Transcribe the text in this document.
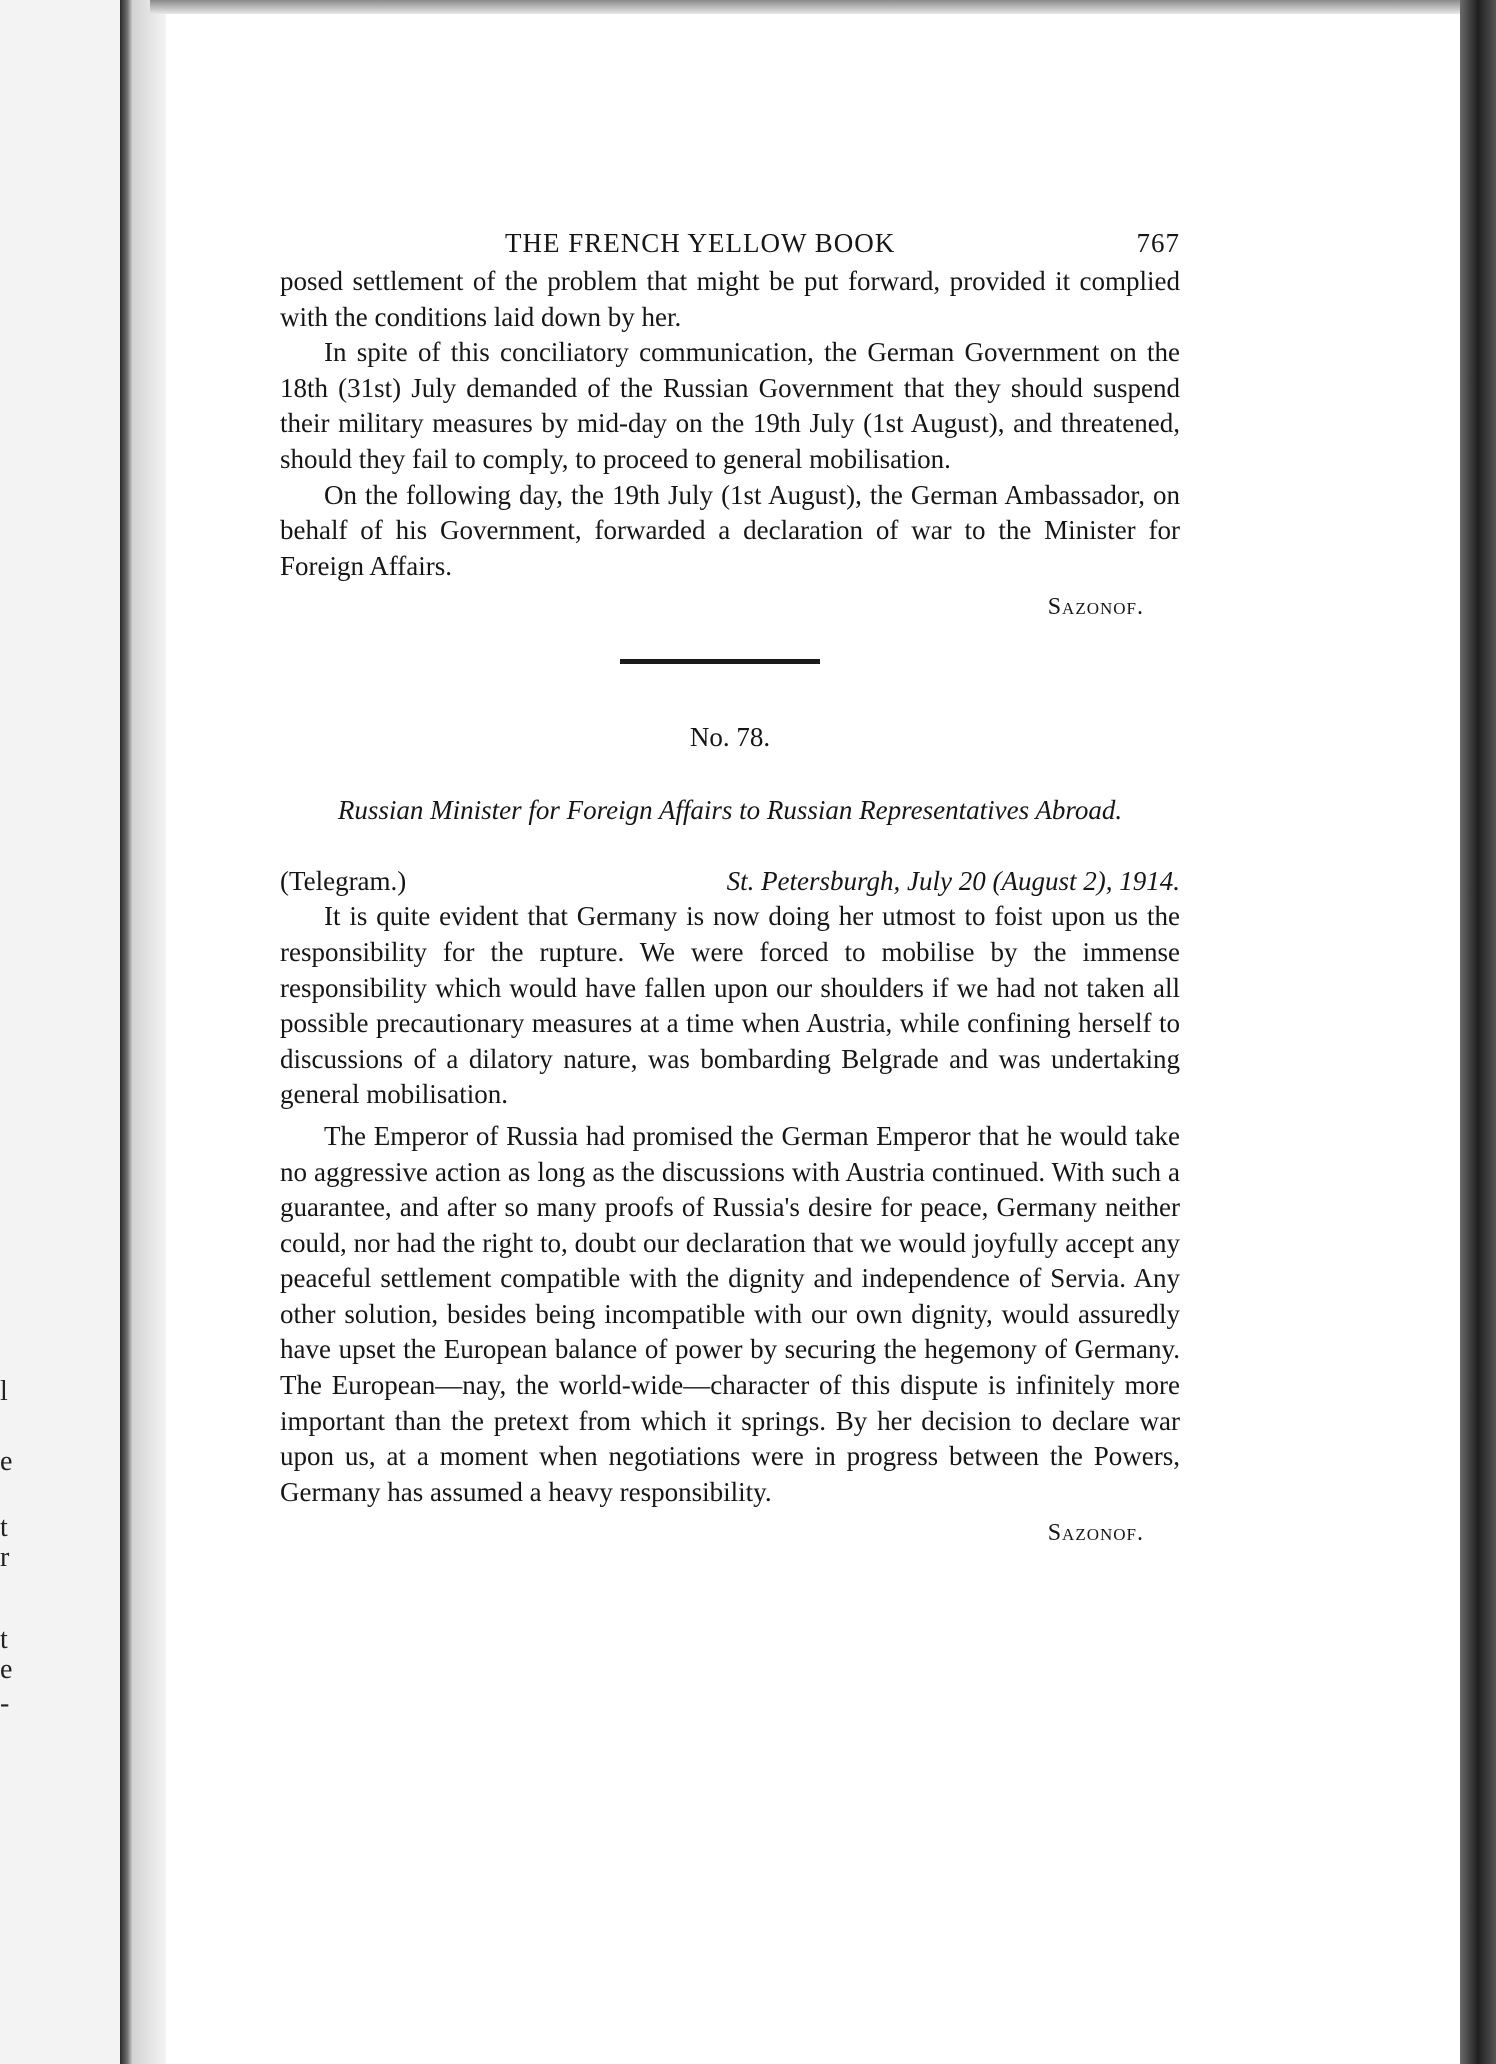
l
e
t
r
t
e
-
THE FRENCH YELLOW BOOK	767

posed settlement of the problem that might be put forward, provided it complied with the conditions laid down by her.

In spite of this conciliatory communication, the German Government on the 18th (31st) July demanded of the Russian Government that they should suspend their military measures by mid-day on the 19th July (1st August), and threatened, should they fail to comply, to proceed to general mobilisation.

On the following day, the 19th July (1st August), the German Ambassador, on behalf of his Government, forwarded a declaration of war to the Minister for Foreign Affairs.

Sazonof.
No. 78.
Russian Minister for Foreign Affairs to Russian Representatives Abroad.
(Telegram.)	St. Petersburgh, July 20 (August 2), 1914.

It is quite evident that Germany is now doing her utmost to foist upon us the responsibility for the rupture. We were forced to mobilise by the immense responsibility which would have fallen upon our shoulders if we had not taken all possible precautionary measures at a time when Austria, while confining herself to discussions of a dilatory nature, was bombarding Belgrade and was undertaking general mobilisation.

The Emperor of Russia had promised the German Emperor that he would take no aggressive action as long as the discussions with Austria continued. With such a guarantee, and after so many proofs of Russia's desire for peace, Germany neither could, nor had the right to, doubt our declaration that we would joyfully accept any peaceful settlement compatible with the dignity and independence of Servia. Any other solution, besides being incompatible with our own dignity, would assuredly have upset the European balance of power by securing the hegemony of Germany. The European—nay, the world-wide—character of this dispute is infinitely more important than the pretext from which it springs. By her decision to declare war upon us, at a moment when negotiations were in progress between the Powers, Germany has assumed a heavy responsibility.

Sazonof.
